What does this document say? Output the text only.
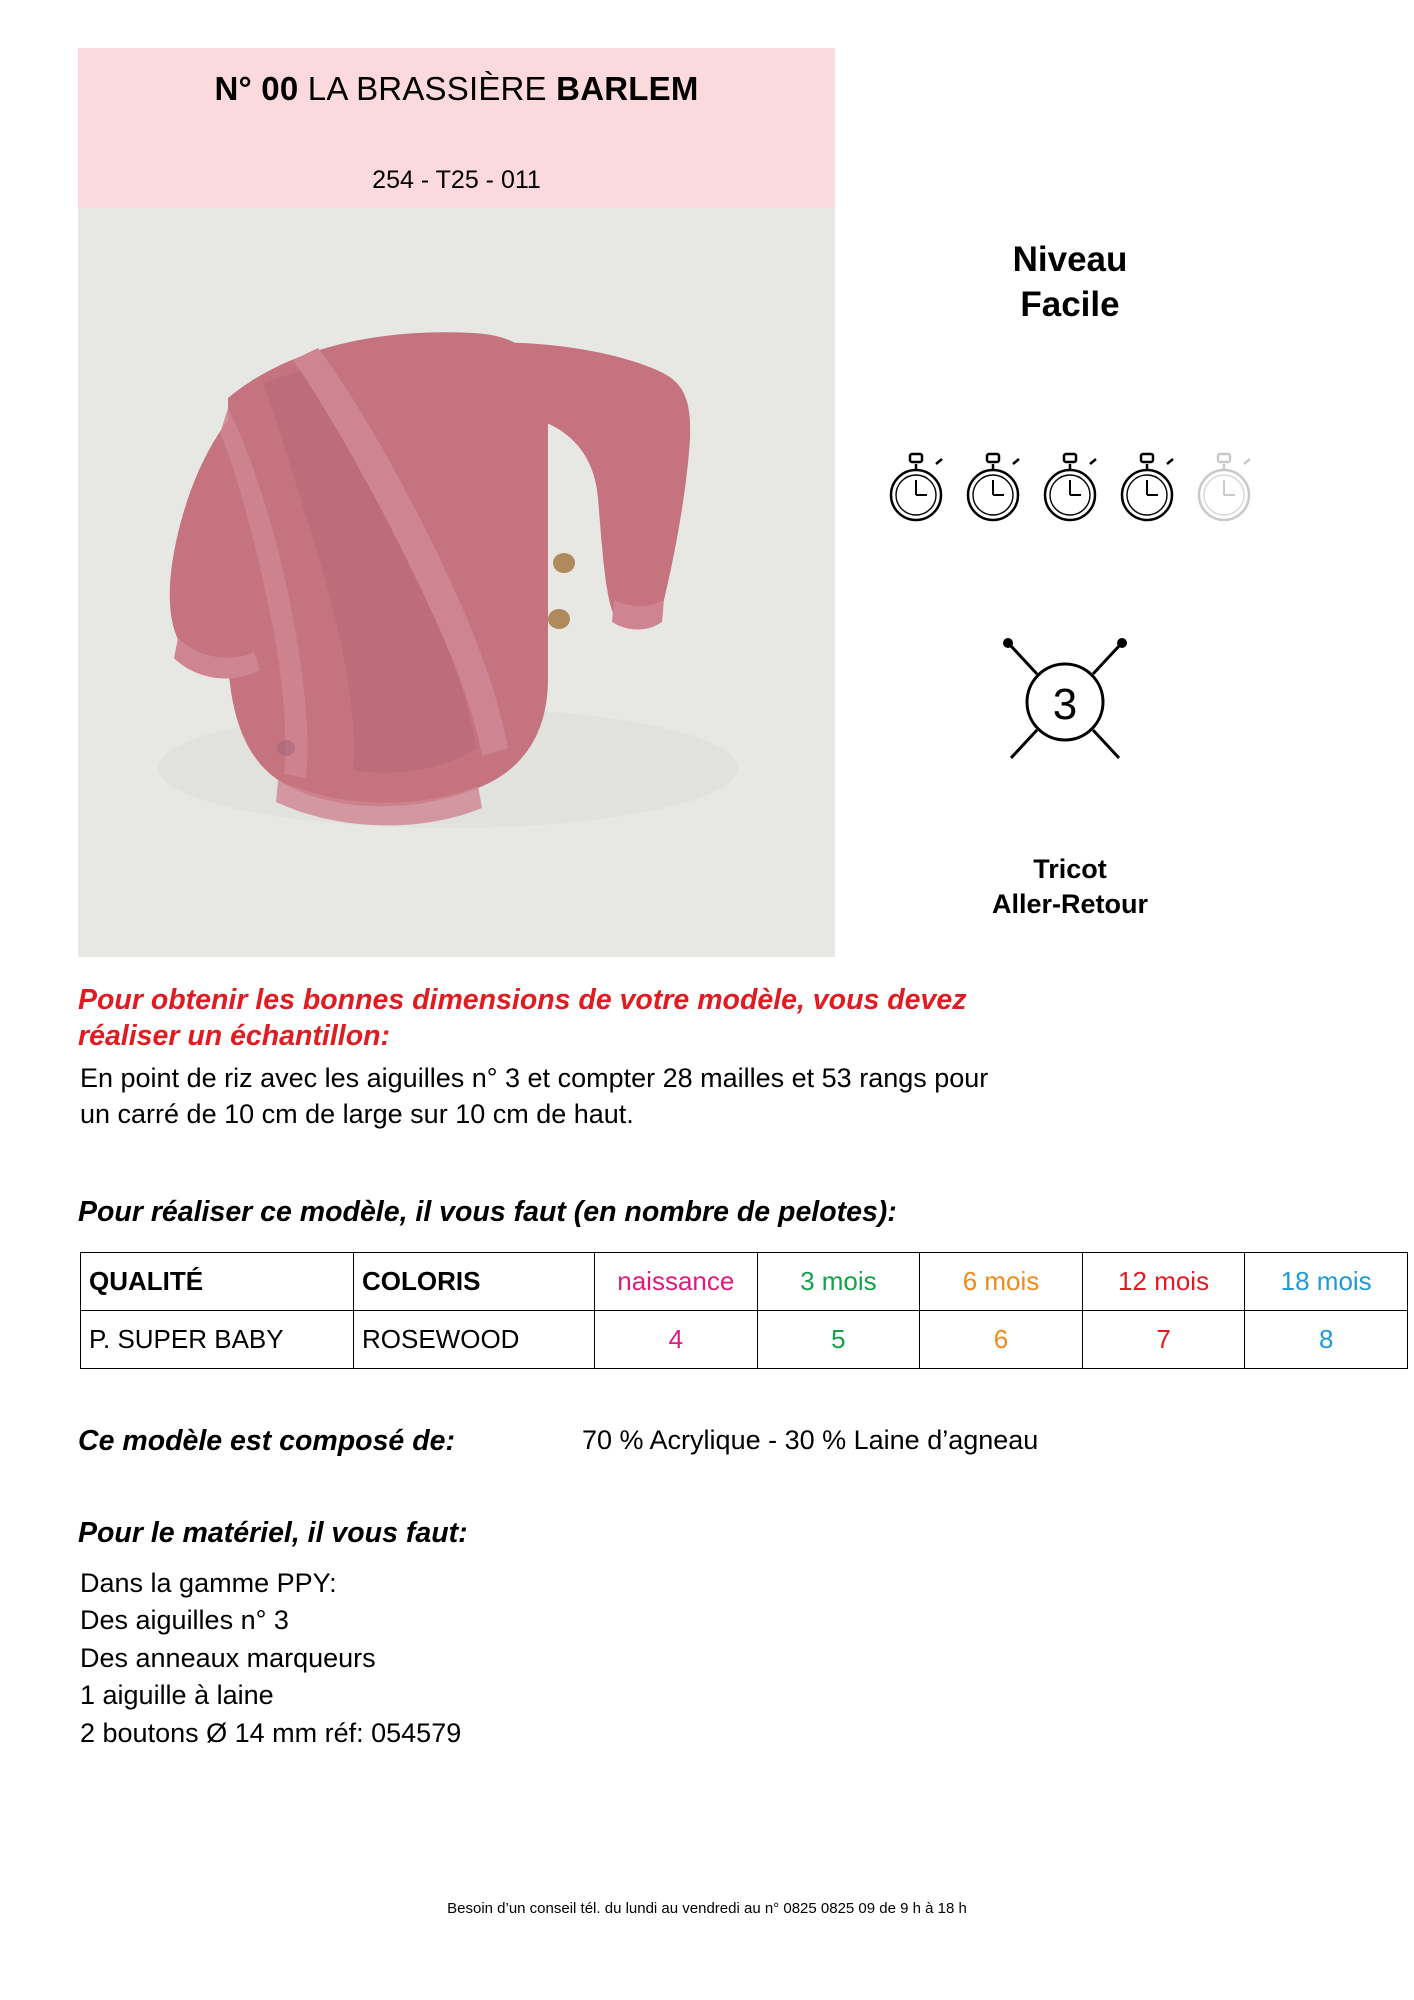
N° 00 LA BRASSIÈRE BARLEM
254 - T25 - 011
Niveau
Facile
3
Tricot
Aller-Retour
Pour obtenir les bonnes dimensions de votre modèle, vous devez
réaliser un échantillon:
En point de riz avec les aiguilles n° 3 et compter 28 mailles et 53 rangs pour
un carré de 10 cm de large sur 10 cm de haut.
Pour réaliser ce modèle, il vous faut (en nombre de pelotes):
QUALITÉ	COLORIS	naissance	3 mois	6 mois	12 mois	18 mois
P. SUPER BABY	ROSEWOOD	4	5	6	7	8
Ce modèle est composé de:	70 % Acrylique - 30 % Laine d’agneau
Pour le matériel, il vous faut:
Dans la gamme PPY:
Des aiguilles n° 3
Des anneaux marqueurs
1 aiguille à laine
2 boutons Ø 14 mm réf: 054579
Besoin d’un conseil tél. du lundi au vendredi au n° 0825 0825 09 de 9 h à 18 h
